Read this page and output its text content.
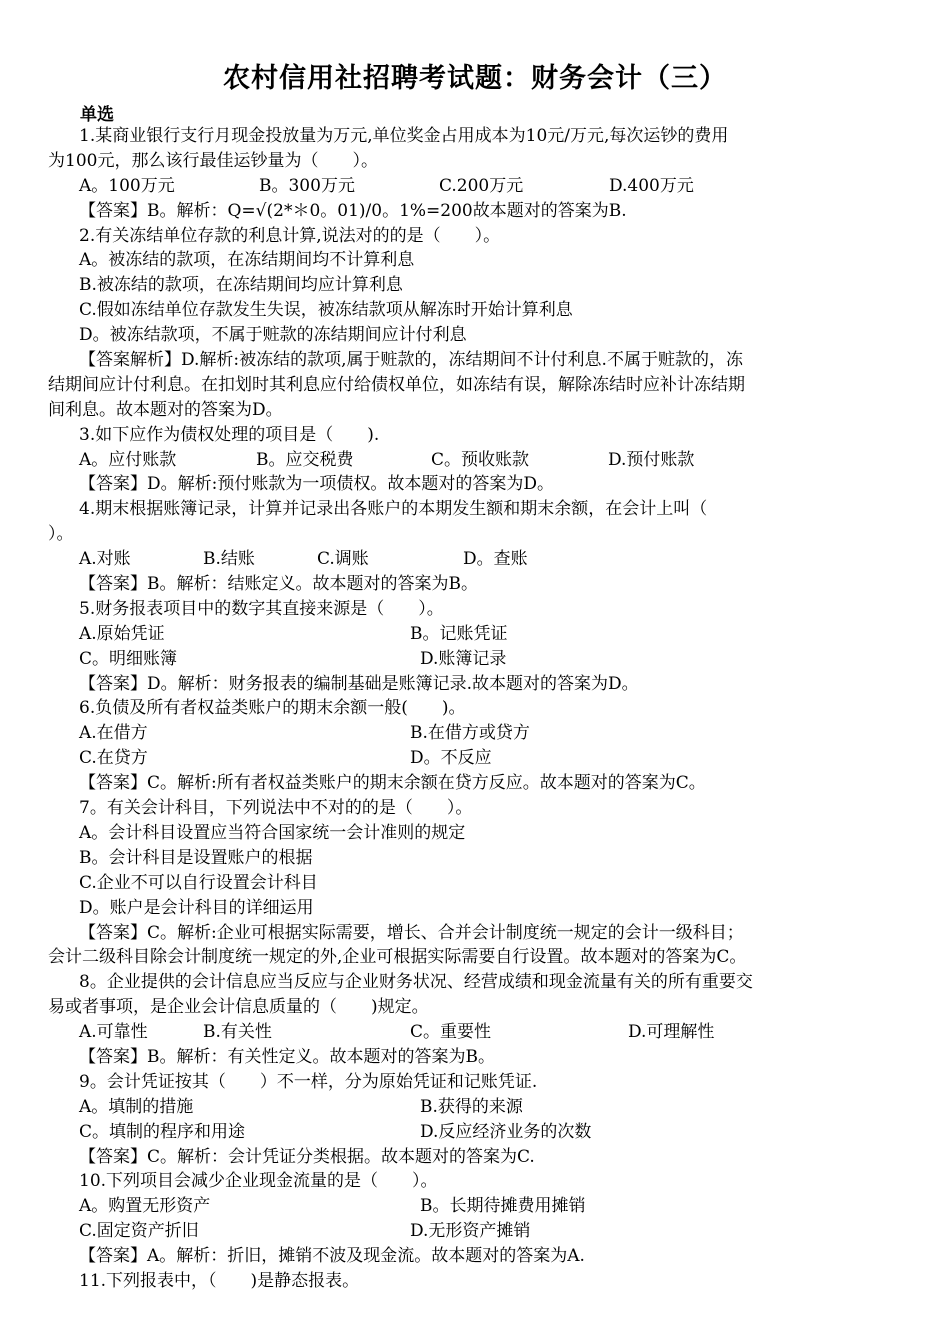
农村信用社招聘考试题：财务会计（三）
单选
1.某商业银行支行月现金投放量为万元,单位奖金占用成本为10元/万元,每次运钞的费用
为100元，那么该行最佳运钞量为（　　）。
A。100万元	B。300万元	C.200万元	D.400万元
【答案】B。解析：Q=√(2*＊0。01)/0。1%=200故本题对的答案为B.
2.有关冻结单位存款的利息计算,说法对的的是（　　）。
A。被冻结的款项，在冻结期间均不计算利息
B.被冻结的款项，在冻结期间均应计算利息
C.假如冻结单位存款发生失误，被冻结款项从解冻时开始计算利息
D。被冻结款项，不属于赃款的冻结期间应计付利息
【答案解析】D.解析:被冻结的款项,属于赃款的，冻结期间不计付利息.不属于赃款的，冻
结期间应计付利息。在扣划时其利息应付给债权单位，如冻结有误，解除冻结时应补计冻结期
间利息。故本题对的答案为D。
3.如下应作为债权处理的项目是（　　).
A。应付账款	B。应交税费	C。预收账款	D.预付账款
【答案】D。解析:预付账款为一项债权。故本题对的答案为D。
4.期末根据账簿记录，计算并记录出各账户的本期发生额和期末余额，在会计上叫（
）。
A.对账	B.结账	C.调账	D。查账
【答案】B。解析：结账定义。故本题对的答案为B。
5.财务报表项目中的数字其直接来源是（　　）。
A.原始凭证	B。记账凭证
C。明细账簿	D.账簿记录
【答案】D。解析：财务报表的编制基础是账簿记录.故本题对的答案为D。
6.负债及所有者权益类账户的期末余额一般(　　)。
A.在借方	B.在借方或贷方
C.在贷方	D。不反应
【答案】C。解析:所有者权益类账户的期末余额在贷方反应。故本题对的答案为C。
7。有关会计科目，下列说法中不对的的是（　　）。
A。会计科目设置应当符合国家统一会计准则的规定
B。会计科目是设置账户的根据
C.企业不可以自行设置会计科目
D。账户是会计科目的详细运用
【答案】C。解析:企业可根据实际需要，增长、合并会计制度统一规定的会计一级科目；
会计二级科目除会计制度统一规定的外,企业可根据实际需要自行设置。故本题对的答案为C。
8。企业提供的会计信息应当反应与企业财务状况、经营成绩和现金流量有关的所有重要交
易或者事项，是企业会计信息质量的（　　)规定。
A.可靠性	B.有关性	C。重要性	D.可理解性
【答案】B。解析：有关性定义。故本题对的答案为B。
9。会计凭证按其（　　）不一样，分为原始凭证和记账凭证.
A。填制的措施	B.获得的来源
C。填制的程序和用途	D.反应经济业务的次数
【答案】C。解析：会计凭证分类根据。故本题对的答案为C.
10.下列项目会减少企业现金流量的是（　　）。
A。购置无形资产	B。长期待摊费用摊销
C.固定资产折旧	D.无形资产摊销
【答案】A。解析：折旧，摊销不波及现金流。故本题对的答案为A.
11.下列报表中，（　　)是静态报表。
